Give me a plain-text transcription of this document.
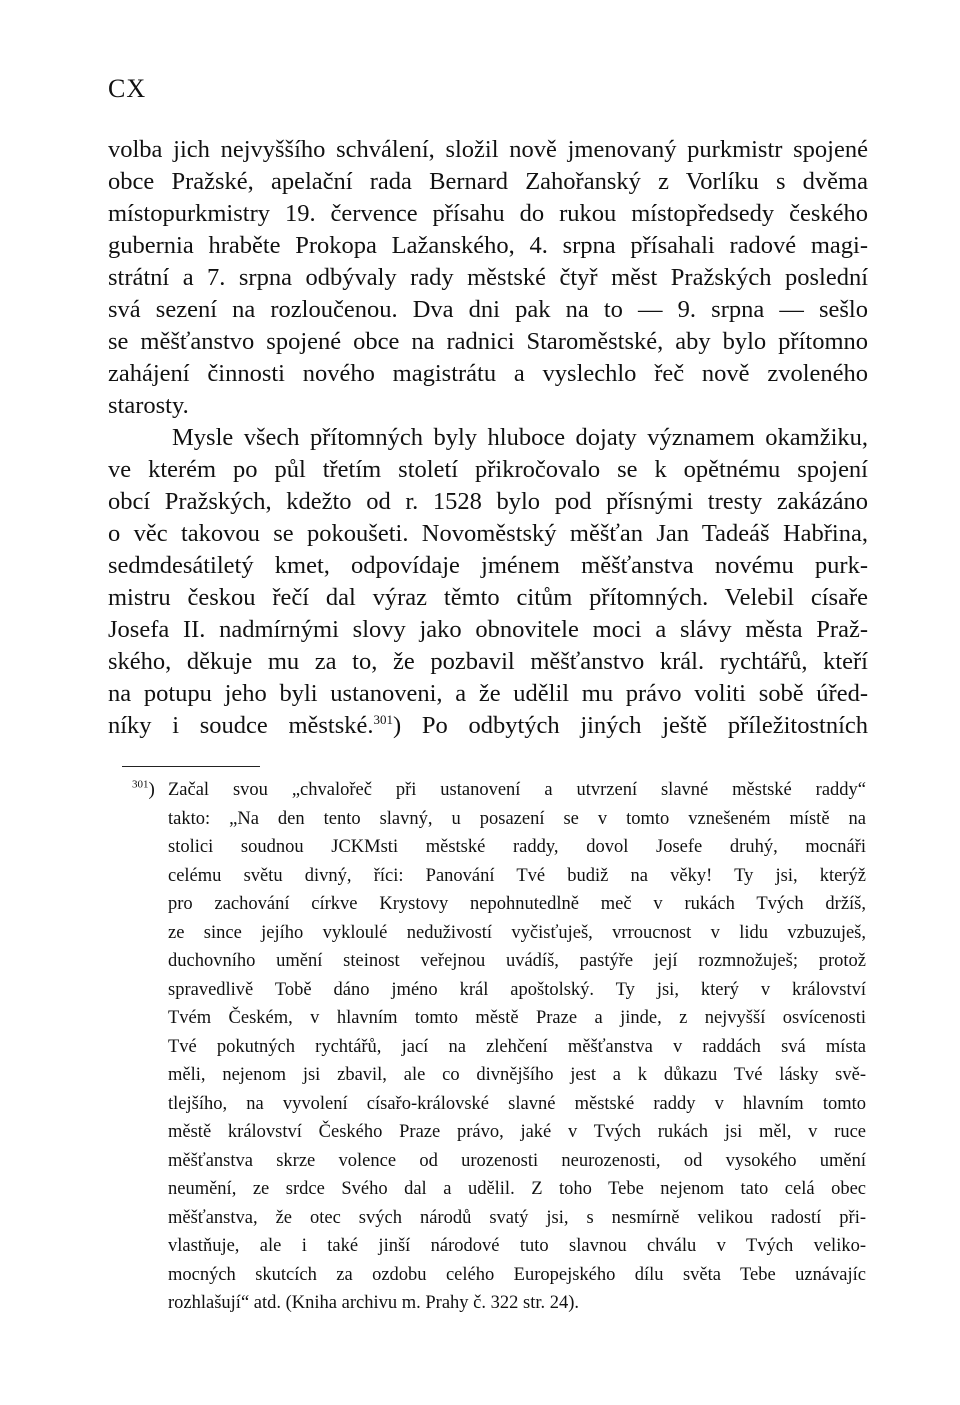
CX
volba jich nejvyššího schválení, složil nově jmenovaný purkmistr spojené
obce Pražské, apelační rada Bernard Zahořanský z Vorlíku s dvěma
místopurkmistry 19. července přísahu do rukou místopředsedy českého
gubernia hraběte Prokopa Lažanského, 4. srpna přísahali radové magi-
strátní a 7. srpna odbývaly rady městské čtyř měst Pražských poslední
svá sezení na rozloučenou. Dva dni pak na to — 9. srpna — sešlo
se měšťanstvo spojené obce na radnici Staroměstské, aby bylo přítomno
zahájení činnosti nového magistrátu a vyslechlo řeč nově zvoleného
starosty.
Mysle všech přítomných byly hluboce dojaty významem okamžiku,
ve kterém po půl třetím století přikročovalo se k opětnému spojení
obcí Pražských, kdežto od r. 1528 bylo pod přísnými tresty zakázáno
o věc takovou se pokoušeti. Novoměstský měšťan Jan Tadeáš Habřina,
sedmdesátiletý kmet, odpovídaje jménem měšťanstva novému purk-
mistru českou řečí dal výraz těmto citům přítomných. Velebil císaře
Josefa II. nadmírnými slovy jako obnovitele moci a slávy města Praž-
ského, děkuje mu za to, že pozbavil měšťanstvo král. rychtářů, kteří
na potupu jeho byli ustanoveni, a že udělil mu právo voliti sobě úřed-
níky i soudce městské.$^{301}$) Po odbytých jiných ještě příležitostních
$^{301}$) Začal svou „chvalořeč při ustanovení a utvrzení slavné městské raddy“
takto: „Na den tento slavný, u posazení se v tomto vznešeném místě na
stolici soudnou JCKMsti městské raddy, dovol Josefe druhý, mocnáři
celému světu divný, říci: Panování Tvé budiž na věky! Ty jsi, kterýž
pro zachování církve Krystovy nepohnutedlně meč v rukách Tvých držíš,
ze since jejího vykloulé neduživostí vyčisťuješ, vrroucnost v lidu vzbuzuješ,
duchovního umění steinost veřejnou uvádíš, pastýře její rozmnožuješ; protož
spravedlivě Tobě dáno jméno král apoštolský. Ty jsi, který v království
Tvém Českém, v hlavním tomto městě Praze a jinde, z nejvyšší osvícenosti
Tvé pokutných rychtářů, jací na zlehčení měšťanstva v raddách svá místa
měli, nejenom jsi zbavil, ale co divnějšího jest a k důkazu Tvé lásky svě-
tlejšího, na vyvolení císařo-královské slavné městské raddy v hlavním tomto
městě království Českého Praze právo, jaké v Tvých rukách jsi měl, v ruce
měšťanstva skrze volence od urozenosti neurozenosti, od vysokého umění
neumění, ze srdce Svého dal a udělil. Z toho Tebe nejenom tato celá obec
měšťanstva, že otec svých národů svatý jsi, s nesmírně velikou radostí při-
vlastňuje, ale i také jinší národové tuto slavnou chválu v Tvých veliko-
mocných skutcích za ozdobu celého Europejského dílu světa Tebe uznávajíc
rozhlašují“ atd. (Kniha archivu m. Prahy č. 322 str. 24).
